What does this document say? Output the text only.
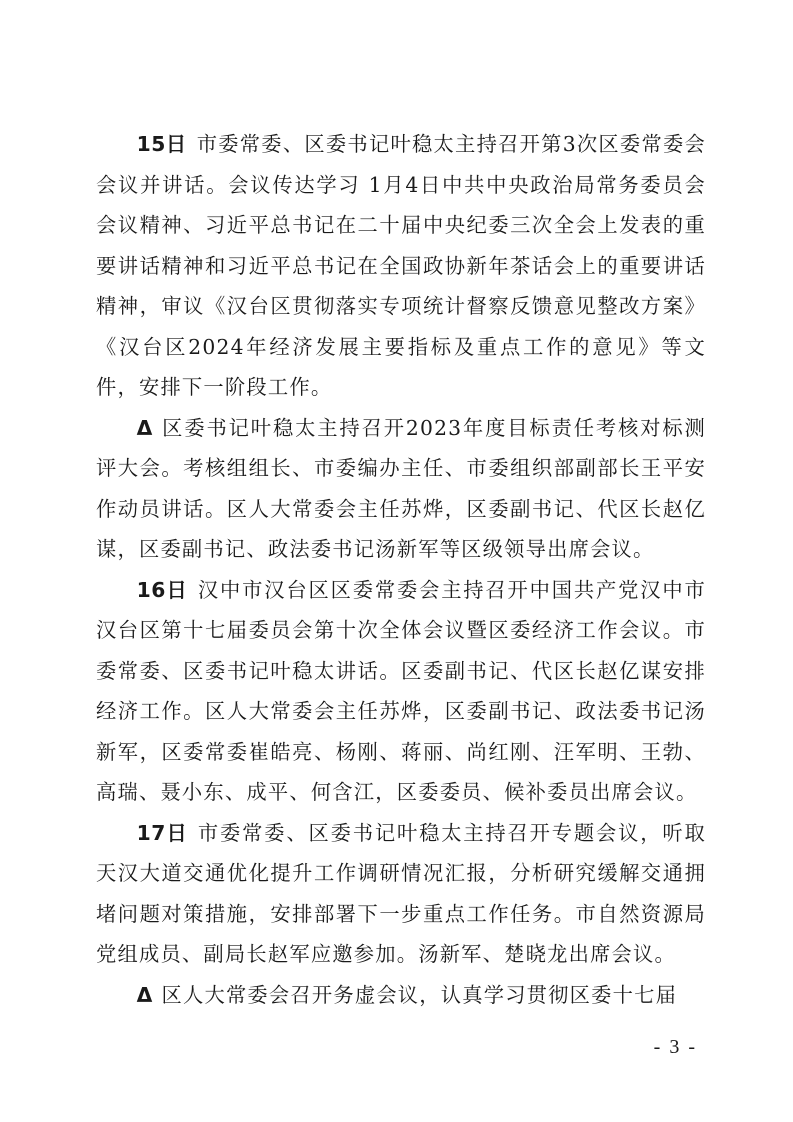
15日 市委常委、区委书记叶稳太主持召开第3次区委常委会会议并讲话。会议传达学习 1月4日中共中央政治局常务委员会会议精神、习近平总书记在二十届中央纪委三次全会上发表的重要讲话精神和习近平总书记在全国政协新年茶话会上的重要讲话精神，审议《汉台区贯彻落实专项统计督察反馈意见整改方案》《汉台区2024年经济发展主要指标及重点工作的意见》等文件，安排下一阶段工作。

Δ 区委书记叶稳太主持召开2023年度目标责任考核对标测评大会。考核组组长、市委编办主任、市委组织部副部长王平安作动员讲话。区人大常委会主任苏烨，区委副书记、代区长赵亿谋，区委副书记、政法委书记汤新军等区级领导出席会议。

16日 汉中市汉台区区委常委会主持召开中国共产党汉中市汉台区第十七届委员会第十次全体会议暨区委经济工作会议。市委常委、区委书记叶稳太讲话。区委副书记、代区长赵亿谋安排经济工作。区人大常委会主任苏烨，区委副书记、政法委书记汤新军，区委常委崔皓亮、杨刚、蒋丽、尚红刚、汪军明、王勃、高瑞、聂小东、成平、何含江，区委委员、候补委员出席会议。

17日 市委常委、区委书记叶稳太主持召开专题会议，听取天汉大道交通优化提升工作调研情况汇报，分析研究缓解交通拥堵问题对策措施，安排部署下一步重点工作任务。市自然资源局党组成员、副局长赵军应邀参加。汤新军、楚晓龙出席会议。

Δ 区人大常委会召开务虚会议，认真学习贯彻区委十七届

- 3 -
